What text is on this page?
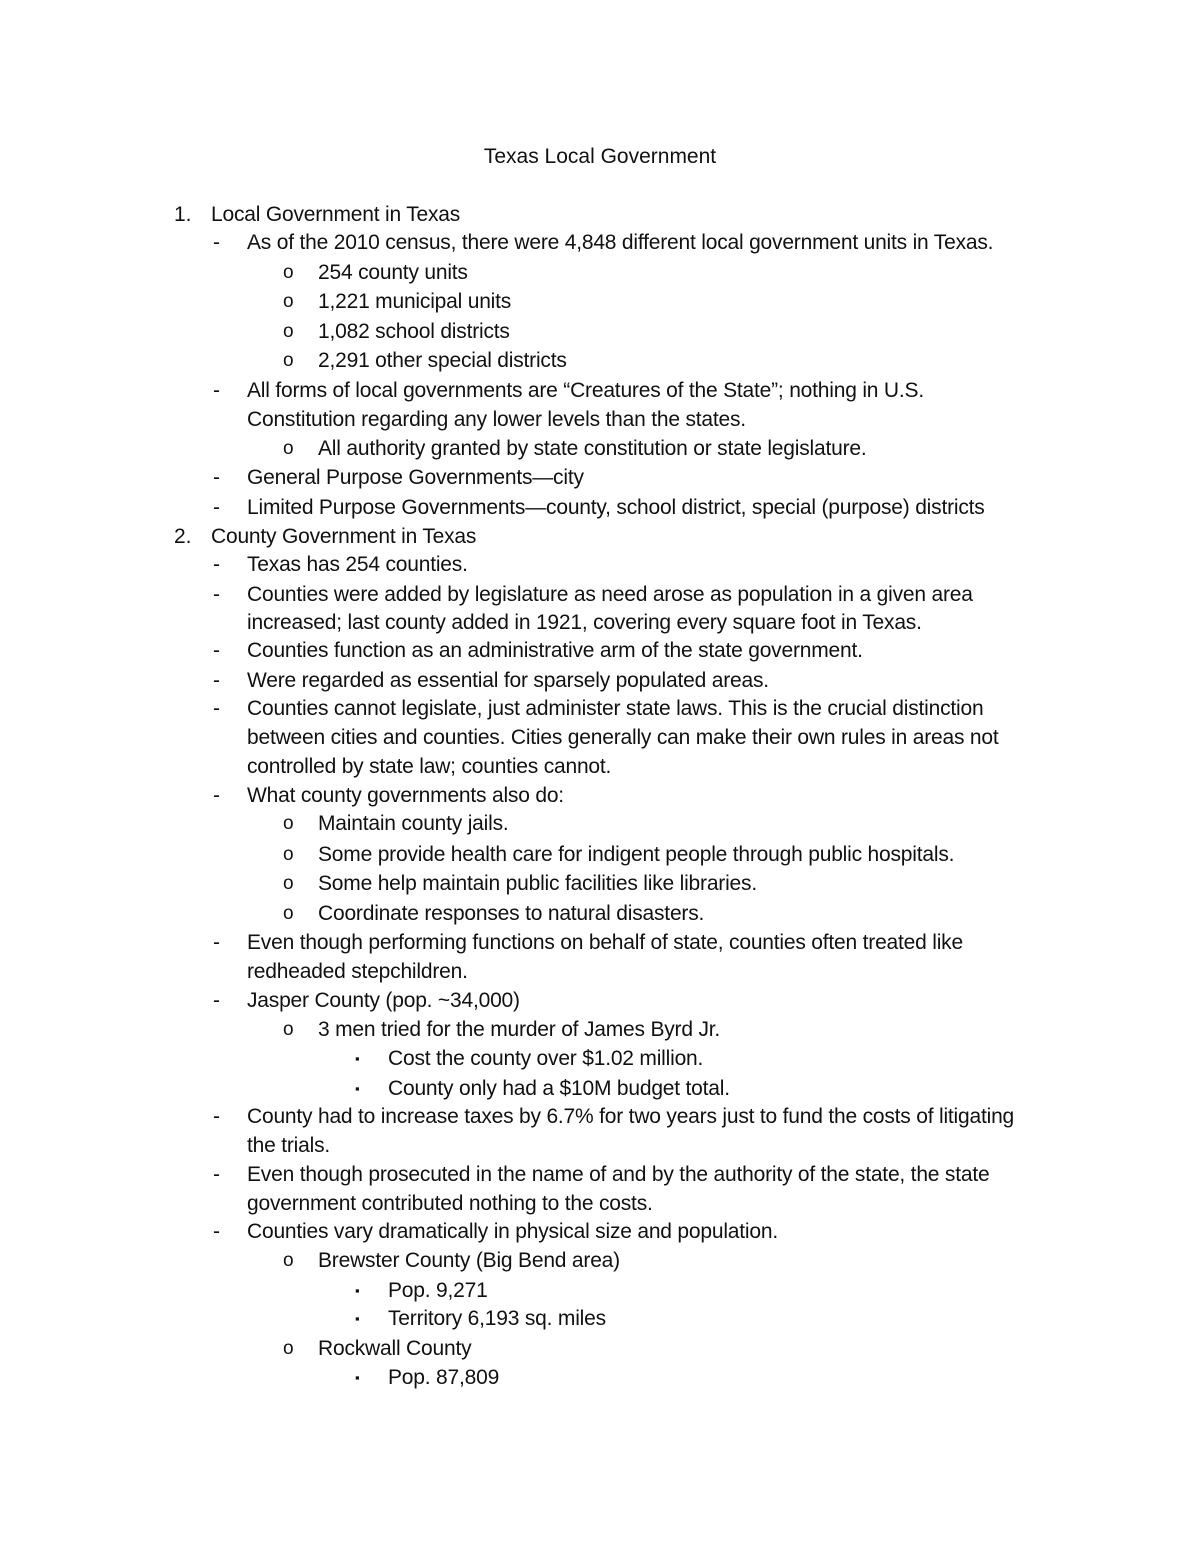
Texas Local Government
1. Local Government in Texas
- As of the 2010 census, there were 4,848 different local government units in Texas.
o 254 county units
o 1,221 municipal units
o 1,082 school districts
o 2,291 other special districts
- All forms of local governments are “Creatures of the State”; nothing in U.S.
Constitution regarding any lower levels than the states.
o All authority granted by state constitution or state legislature.
- General Purpose Governments—city
- Limited Purpose Governments—county, school district, special (purpose) districts
2. County Government in Texas
- Texas has 254 counties.
- Counties were added by legislature as need arose as population in a given area
increased; last county added in 1921, covering every square foot in Texas.
- Counties function as an administrative arm of the state government.
- Were regarded as essential for sparsely populated areas.
- Counties cannot legislate, just administer state laws. This is the crucial distinction
between cities and counties. Cities generally can make their own rules in areas not
controlled by state law; counties cannot.
- What county governments also do:
o Maintain county jails.
o Some provide health care for indigent people through public hospitals.
o Some help maintain public facilities like libraries.
o Coordinate responses to natural disasters.
- Even though performing functions on behalf of state, counties often treated like
redheaded stepchildren.
- Jasper County (pop. ~34,000)
o 3 men tried for the murder of James Byrd Jr.
▪ Cost the county over $1.02 million.
▪ County only had a $10M budget total.
- County had to increase taxes by 6.7% for two years just to fund the costs of litigating
the trials.
- Even though prosecuted in the name of and by the authority of the state, the state
government contributed nothing to the costs.
- Counties vary dramatically in physical size and population.
o Brewster County (Big Bend area)
▪ Pop. 9,271
▪ Territory 6,193 sq. miles
o Rockwall County
▪ Pop. 87,809
